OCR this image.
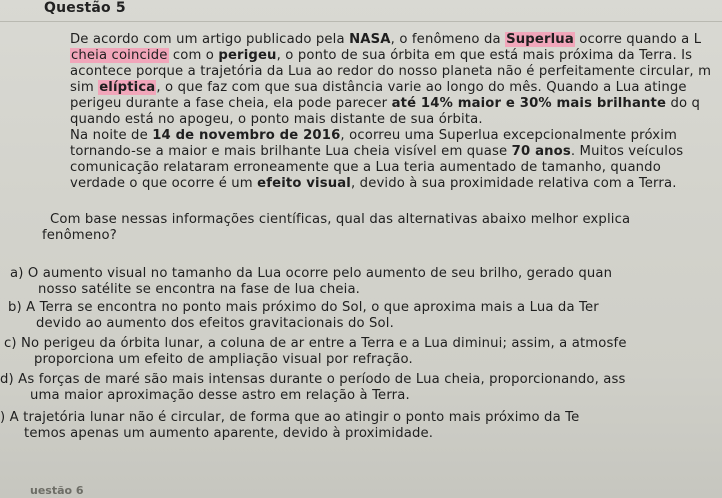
Questão 5
De acordo com um artigo publicado pela NASA, o fenômeno da Superlua ocorre quando a L
cheia coincide com o perigeu, o ponto de sua órbita em que está mais próxima da Terra. Is
acontece porque a trajetória da Lua ao redor do nosso planeta não é perfeitamente circular, m
sim elíptica, o que faz com que sua distância varie ao longo do mês. Quando a Lua atinge
perigeu durante a fase cheia, ela pode parecer até 14% maior e 30% mais brilhante do q
quando está no apogeu, o ponto mais distante de sua órbita.
Na noite de 14 de novembro de 2016, ocorreu uma Superlua excepcionalmente próxim
tornando-se a maior e mais brilhante Lua cheia visível em quase 70 anos. Muitos veículos
comunicação relataram erroneamente que a Lua teria aumentado de tamanho, quando
verdade o que ocorre é um efeito visual, devido à sua proximidade relativa com a Terra.
Com base nessas informações científicas, qual das alternativas abaixo melhor explica
fenômeno?
a) O aumento visual no tamanho da Lua ocorre pelo aumento de seu brilho, gerado quan
nosso satélite se encontra na fase de lua cheia.
b) A Terra se encontra no ponto mais próximo do Sol, o que aproxima mais a Lua da Ter
devido ao aumento dos efeitos gravitacionais do Sol.
c) No perigeu da órbita lunar, a coluna de ar entre a Terra e a Lua diminui; assim, a atmosfe
proporciona um efeito de ampliação visual por refração.
d) As forças de maré são mais intensas durante o período de Lua cheia, proporcionando, ass
uma maior aproximação desse astro em relação à Terra.
) A trajetória lunar não é circular, de forma que ao atingir o ponto mais próximo da Te
temos apenas um aumento aparente, devido à proximidade.
uestão 6
